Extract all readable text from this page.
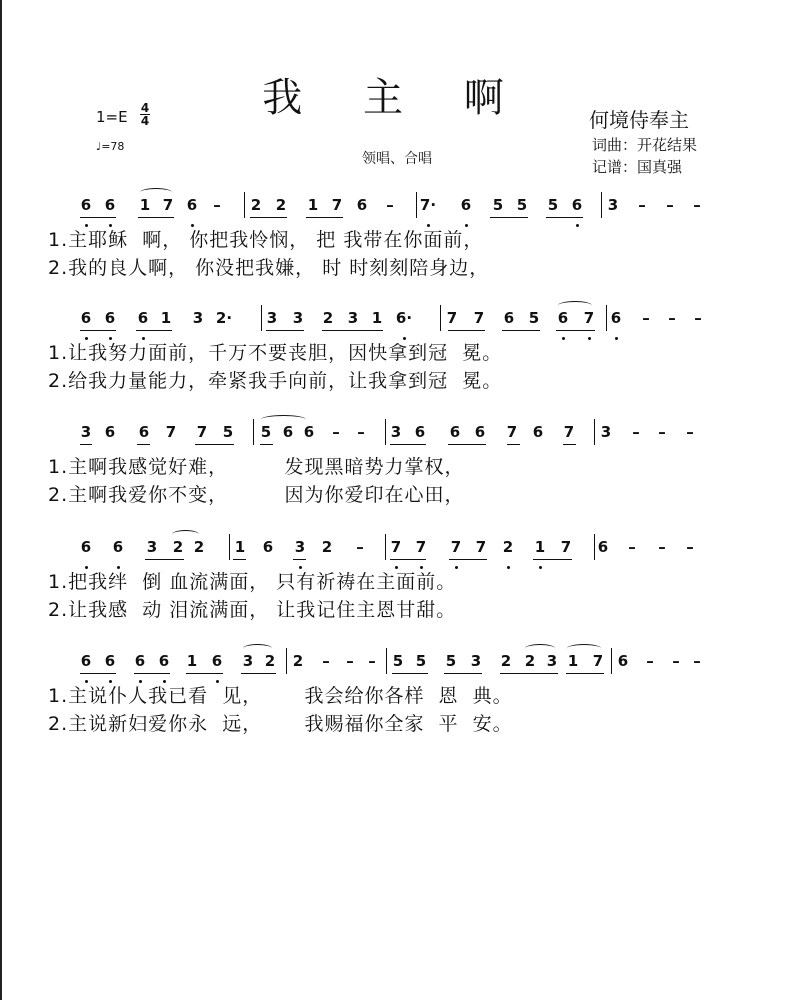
我 主 啊
1=E 4
4
♩=78
领唱、合唱
何境侍奉主
词曲：开花结果
记谱：国真强
6 6 1 7 6 – 2 2 1 7 6 – 7· 6 5 5 5 6 3 – – –
1.主耶稣  啊， 你把我怜悯， 把 我带在你面前，
2.我的良人啊， 你没把我嫌， 时 时刻刻陪身边，
6 6 6 1 3 2· 3 3 2 3 1 6· 7 7 6 5 6 7 6 – – –
1.让我努力面前，千万不要丧胆，因快拿到冠  冕。
2.给我力量能力，牵紧我手向前，让我拿到冠  冕。
3 6 6 7 7 5 5 6 6 – – 3 6 6 6 7 6 7 3 – – –
1.主啊我感觉好难，        发现黑暗势力掌权，
2.主啊我爱你不变，        因为你爱印在心田，
6 6 3 2 2 1 6 3 2 – 7 7 7 7 2 1 7 6 – – –
1.把我绊  倒 血流满面， 只有祈祷在主面前。
2.让我感  动 泪流满面， 让我记住主恩甘甜。
6 6 6 6 1 6 3 2 2 – – – 5 5 5 3 2 2 3 1 7 6 – – –
1.主说仆人我已看  见，      我会给你各样  恩  典。
2.主说新妇爱你永  远，      我赐福你全家  平  安。
